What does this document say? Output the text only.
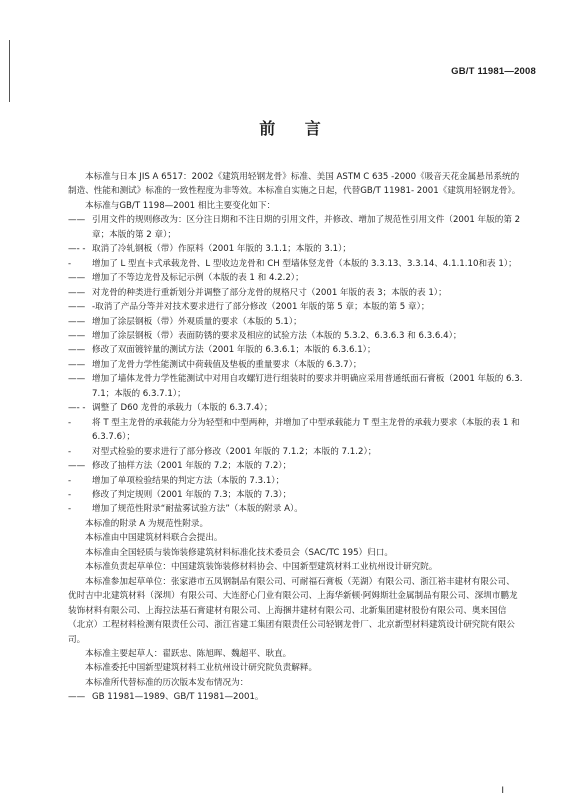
GB/T 11981—2008
前 言

本标准与日本 JIS A 6517：2002《建筑用轻钢龙骨》标准、美国 ASTM C 635 -2000《吸音天花金属悬吊系统的制造、性能和测试》标准的一致性程度为非等效。本标准自实施之日起，代替GB/T 11981- 2001《建筑用轻钢龙骨》。

本标准与GB/T 1198—2001 相比主要变化如下：

—— 引用文件的规则修改为：区分注日期和不注日期的引用文件，并修改、增加了规范性引用文件（2001 年版的第 2 章；本版的第 2 章）；
—- - 取消了冷轧钢板（带）作原料（2001 年版的 3.1.1；本版的 3.1）；
-	增加了 L 型直卡式承载龙骨、L 型收边龙骨和 CH 型墙体竖龙骨（本版的 3.3.13、3.3.14、4.1.1.10和表 1）；
—— 增加了不等边龙骨及标记示例（本版的表 1 和 4.2.2）；
—— 对龙骨的种类进行重新划分并调整了部分龙骨的规格尺寸（2001 年版的表 3；本版的表 1）；
—— -取消了产品分等并对技术要求进行了部分修改（2001 年版的第 5 章；本版的第 5 章）；
—— 增加了涂层钢板（带）外观质量的要求（本版的 5.1）；
—— 增加了涂层钢板（带）表面防锈的要求及相应的试验方法（本版的 5.3.2、6.3.6.3 和 6.3.6.4）；
—— 修改了双面镀锌量的测试方法（2001 年版的 6.3.6.1；本版的 6.3.6.1）；
—— 增加了龙骨力学性能测试中荷载值及垫板的重量要求（本版的 6.3.7）；
—— 增加了墙体龙骨力学性能测试中对用自攻螺钉进行组装时的要求并明确应采用普通纸面石膏板（2001 年版的 6.3.7.1；本版的 6.3.7.1）；
—- - 调整了 D60 龙骨的承载力（本版的 6.3.7.4）；
-	将 T 型主龙骨的承载能力分为轻型和中型两种，并增加了中型承载能力 T 型主龙骨的承载力要求（本版的表 1 和 6.3.7.6）；
-	对型式检验的要求进行了部分修改（2001 年版的 7.1.2；本版的 7.1.2）；
—— 修改了抽样方法（2001 年版的 7.2；本版的 7.2）；
-	增加了单项检验结果的判定方法（本版的 7.3.1）；
-	修改了判定规则（2001 年版的 7.3；本版的 7.3）；
-	增加了规范性附录“耐盐雾试验方法”（本版的附录 A）。

本标准的附录 A 为规范性附录。

本标准由中国建筑材料联合会提出。

本标准由全国轻质与装饰装修建筑材料标准化技术委员会（SAC/TC 195）归口。

本标准负责起草单位：中国建筑装饰装修材料协会、中国新型建筑材料工业杭州设计研究院。

本标准参加起草单位：张家港市五凤钢制品有限公司、可耐福石膏板（芜湖）有限公司、浙江裕丰建材有限公司、优时吉中北建筑材料（深圳）有限公司、大连舒心门业有限公司、上海华新顿·阿姆斯壮金属制品有限公司、深圳市鹏龙装饰材料有限公司、上海拉法基石膏建材有限公司、上海捆井建材有限公司、北新集团建材股份有限公司、奥来国信（北京）工程材料检测有限责任公司、浙江省建工集团有限责任公司轻钢龙骨厂、北京新型材料建筑设计研究院有限公司。

本标准主要起草人：翟跃忠、陈旭晖、魏超平、耿直。

本标准委托中国新型建筑材料工业杭州设计研究院负责解释。

本标准所代替标准的历次版本发布情况为：

—— GB 11981—1989、GB/T 11981—2001。
I
